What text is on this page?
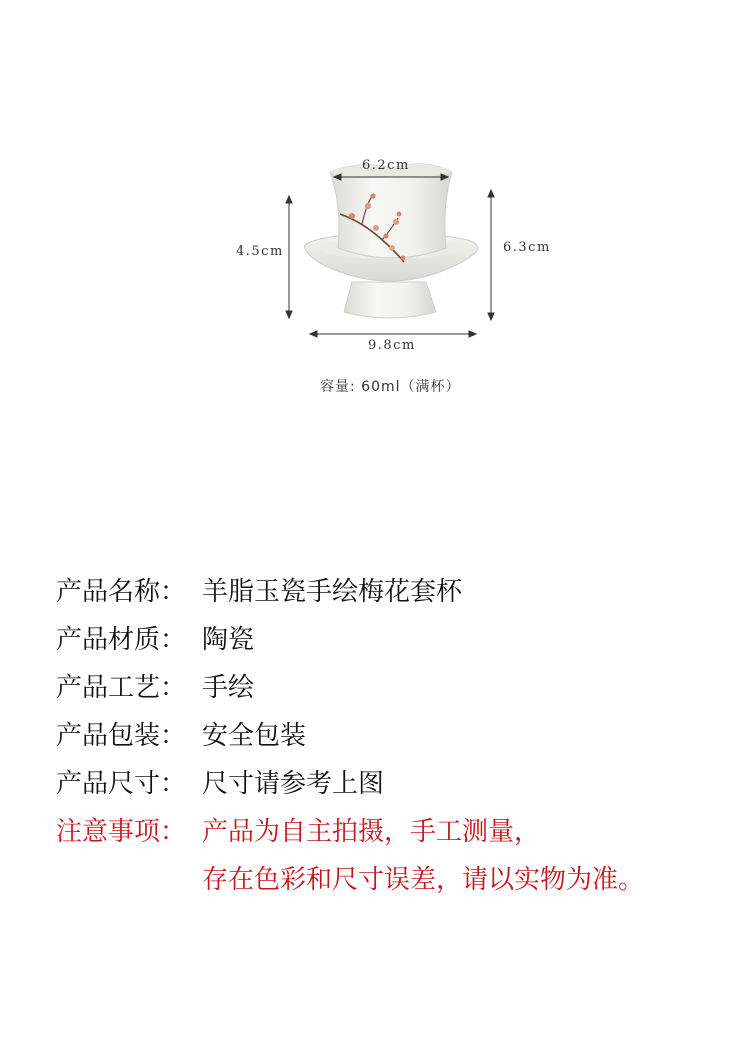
6.2cm
4.5cm	6.3cm
9.8cm
容量: 60ml（满杯）
产品名称： 羊脂玉瓷手绘梅花套杯
产品材质： 陶瓷
产品工艺： 手绘
产品包装： 安全包装
产品尺寸： 尺寸请参考上图
注意事项： 产品为自主拍摄，手工测量，
存在色彩和尺寸误差，请以实物为准。
